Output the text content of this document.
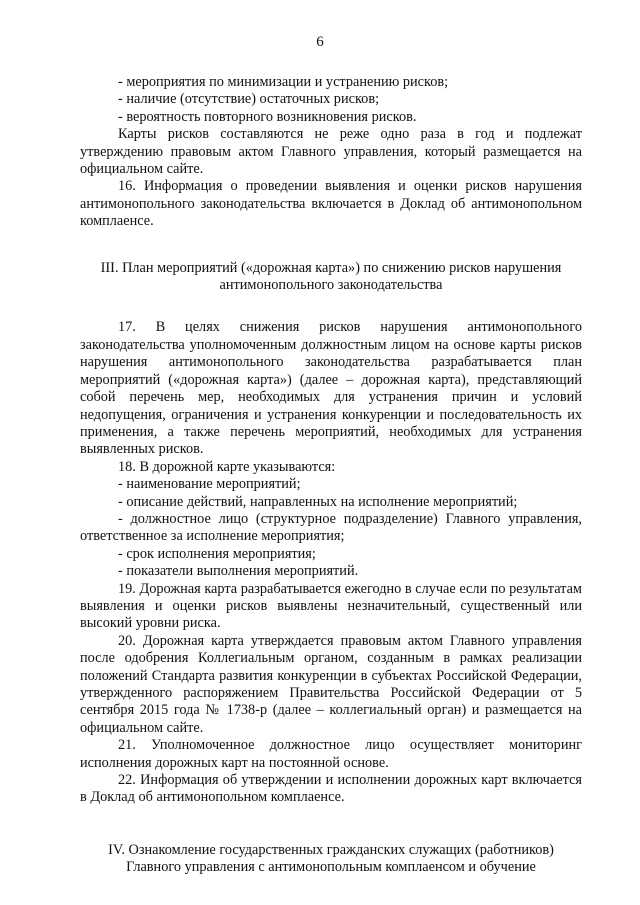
6

- мероприятия по минимизации и устранению рисков;

- наличие (отсутствие) остаточных рисков;

- вероятность повторного возникновения рисков.

Карты рисков составляются не реже одно раза в год и подлежат утверждению правовым актом Главного управления, который размещается на официальном сайте.

16. Информация о проведении выявления и оценки рисков нарушения антимонопольного законодательства включается в Доклад об антимонопольном комплаенсе.

III. План мероприятий («дорожная карта») по снижению рисков нарушения

антимонопольного законодательства

17. В целях снижения рисков нарушения антимонопольного законодательства уполномоченным должностным лицом на основе карты рисков нарушения антимонопольного законодательства разрабатывается план мероприятий («дорожная карта») (далее – дорожная карта), представляющий собой перечень мер, необходимых для устранения причин и условий недопущения, ограничения и устранения конкуренции и последовательность их применения, а также перечень мероприятий, необходимых для устранения выявленных рисков.

18. В дорожной карте указываются:

- наименование мероприятий;

- описание действий, направленных на исполнение мероприятий;

- должностное лицо (структурное подразделение) Главного управления, ответственное за исполнение мероприятия;

- срок исполнения мероприятия;

- показатели выполнения мероприятий.

19. Дорожная карта разрабатывается ежегодно в случае если по результатам выявления и оценки рисков выявлены незначительный, существенный или высокий уровни риска.

20. Дорожная карта утверждается правовым актом Главного управления после одобрения Коллегиальным органом, созданным в рамках реализации положений Стандарта развития конкуренции в субъектах Российской Федерации, утвержденного распоряжением Правительства Российской Федерации от 5 сентября 2015 года № 1738-р (далее – коллегиальный орган) и размещается на официальном сайте.

21. Уполномоченное должностное лицо осуществляет мониторинг исполнения дорожных карт на постоянной основе.

22. Информация об утверждении и исполнении дорожных карт включается в Доклад об антимонопольном комплаенсе.

IV. Ознакомление государственных гражданских служащих (работников)

Главного управления с антимонопольным комплаенсом и обучение
